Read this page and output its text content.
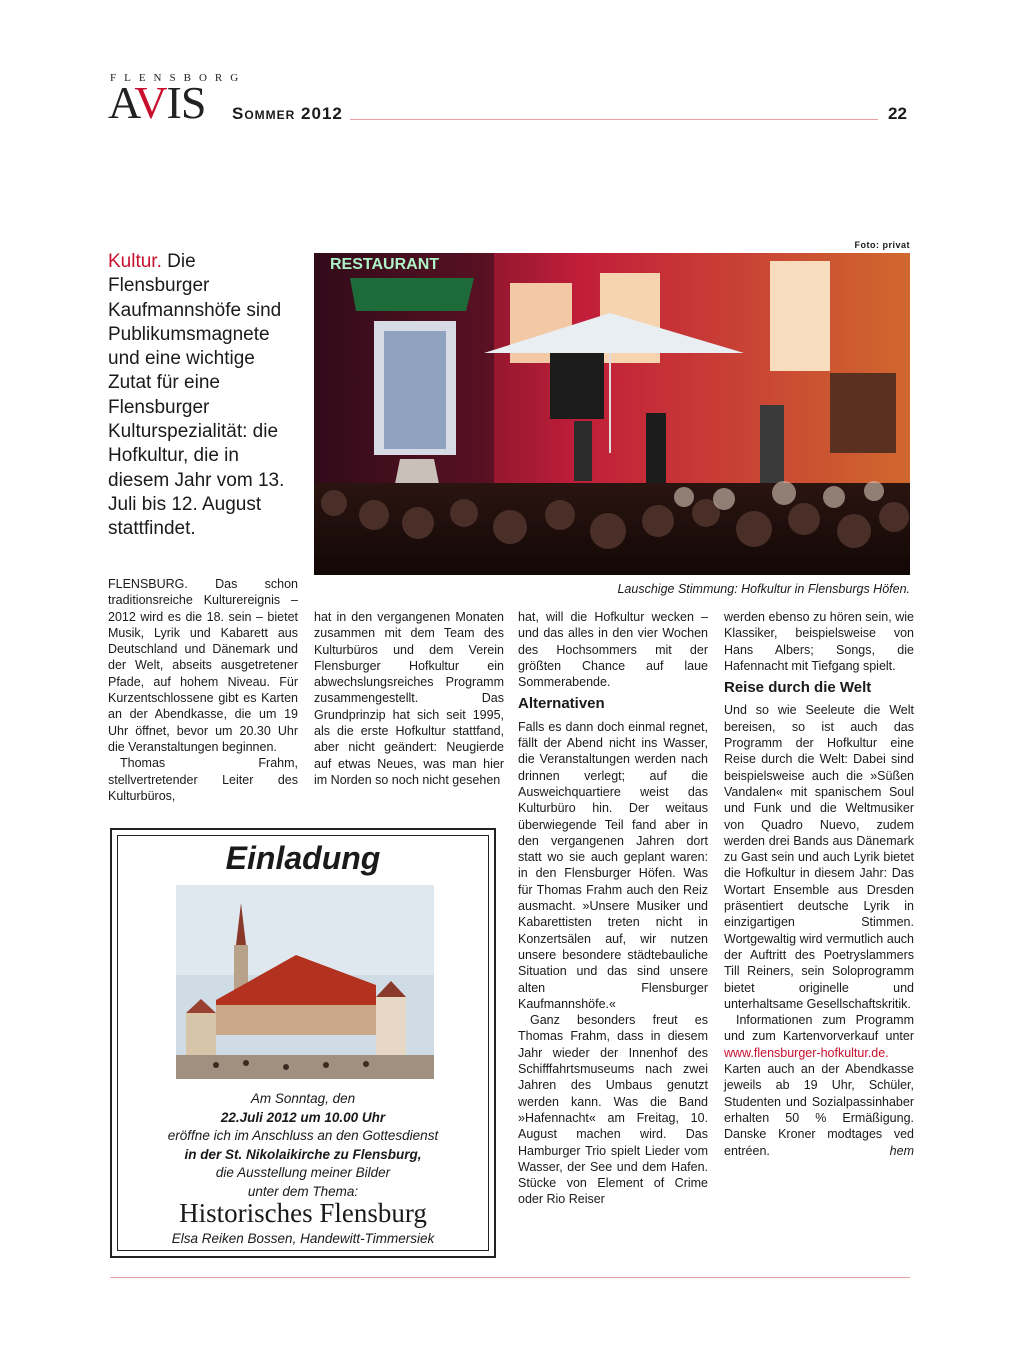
FLENSBORG
AVIS Sommer 2012	22
Kultur. Die Flensburger Kaufmannshöfe sind Publikumsmagnete und eine wichtige Zutat für eine Flensburger Kulturspezialität: die Hofkultur, die in diesem Jahr vom 13. Juli bis 12. August stattfindet.
Foto: privat
RESTAURANT
Lauschige Stimmung: Hofkultur in Flensburgs Höfen.

FLENSBURG. Das schon traditionsreiche Kulturereignis – 2012 wird es die 18. sein – bietet Musik, Lyrik und Kabarett aus Deutschland und Dänemark und der Welt, abseits ausgetretener Pfade, auf hohem Niveau. Für Kurzentschlossene gibt es Karten an der Abendkasse, die um 19 Uhr öffnet, bevor um 20.30 Uhr die Veranstaltungen beginnen.

Thomas Frahm, stellvertretender Leiter des Kulturbüros,

hat in den vergangenen Monaten zusammen mit dem Team des Kulturbüros und dem Verein Flensburger Hofkultur ein abwechslungsreiches Programm zusammengestellt. Das Grundprinzip hat sich seit 1995, als die erste Hofkultur stattfand, aber nicht geändert: Neugierde auf etwas Neues, was man hier im Norden so noch nicht gesehen

hat, will die Hofkultur wecken – und das alles in den vier Wochen des Hochsommers mit der größten Chance auf laue Sommerabende.

Alternativen

Falls es dann doch einmal regnet, fällt der Abend nicht ins Wasser, die Veranstaltungen werden nach drinnen verlegt; auf die Ausweichquartiere weist das Kulturbüro hin. Der weitaus überwiegende Teil fand aber in den vergangenen Jahren dort statt wo sie auch geplant waren: in den Flensburger Höfen. Was für Thomas Frahm auch den Reiz ausmacht. »Unsere Musiker und Kabarettisten treten nicht in Konzertsälen auf, wir nutzen unsere besondere städtebauliche Situation und das sind unsere alten Flensburger Kaufmannshöfe.«

Ganz besonders freut es Thomas Frahm, dass in diesem Jahr wieder der Innenhof des Schifffahrtsmuseums nach zwei Jahren des Umbaus genutzt werden kann. Was die Band »Hafennacht« am Freitag, 10. August machen wird. Das Hamburger Trio spielt Lieder vom Wasser, der See und dem Hafen. Stücke von Element of Crime oder Rio Reiser

werden ebenso zu hören sein, wie Klassiker, beispielsweise von Hans Albers; Songs, die Hafennacht mit Tiefgang spielt.

Reise durch die Welt

Und so wie Seeleute die Welt bereisen, so ist auch das Programm der Hofkultur eine Reise durch die Welt: Dabei sind beispielsweise auch die »Süßen Vandalen« mit spanischem Soul und Funk und die Weltmusiker von Quadro Nuevo, zudem werden drei Bands aus Dänemark zu Gast sein und auch Lyrik bietet die Hofkultur in diesem Jahr: Das Wortart Ensemble aus Dresden präsentiert deutsche Lyrik in einzigartigen Stimmen. Wortgewaltig wird vermutlich auch der Auftritt des Poetryslammers Till Reiners, sein Soloprogramm bietet originelle und unterhaltsame Gesellschaftskritik.

Informationen zum Programm und zum Kartenvorverkauf unter www.flensburger-hofkultur.de.

Karten auch an der Abendkasse jeweils ab 19 Uhr, Schüler, Studenten und Sozialpassinhaber erhalten 50 % Ermäßigung. Danske Kroner modtages ved entréen.	hem

Einladung
Am Sonntag, den
22.Juli 2012 um 10.00 Uhr
eröffne ich im Anschluss an den Gottesdienst
in der St. Nikolaikirche zu Flensburg,
die Ausstellung meiner Bilder
unter dem Thema:
Historisches Flensburg
Elsa Reiken Bossen, Handewitt-Timmersiek
